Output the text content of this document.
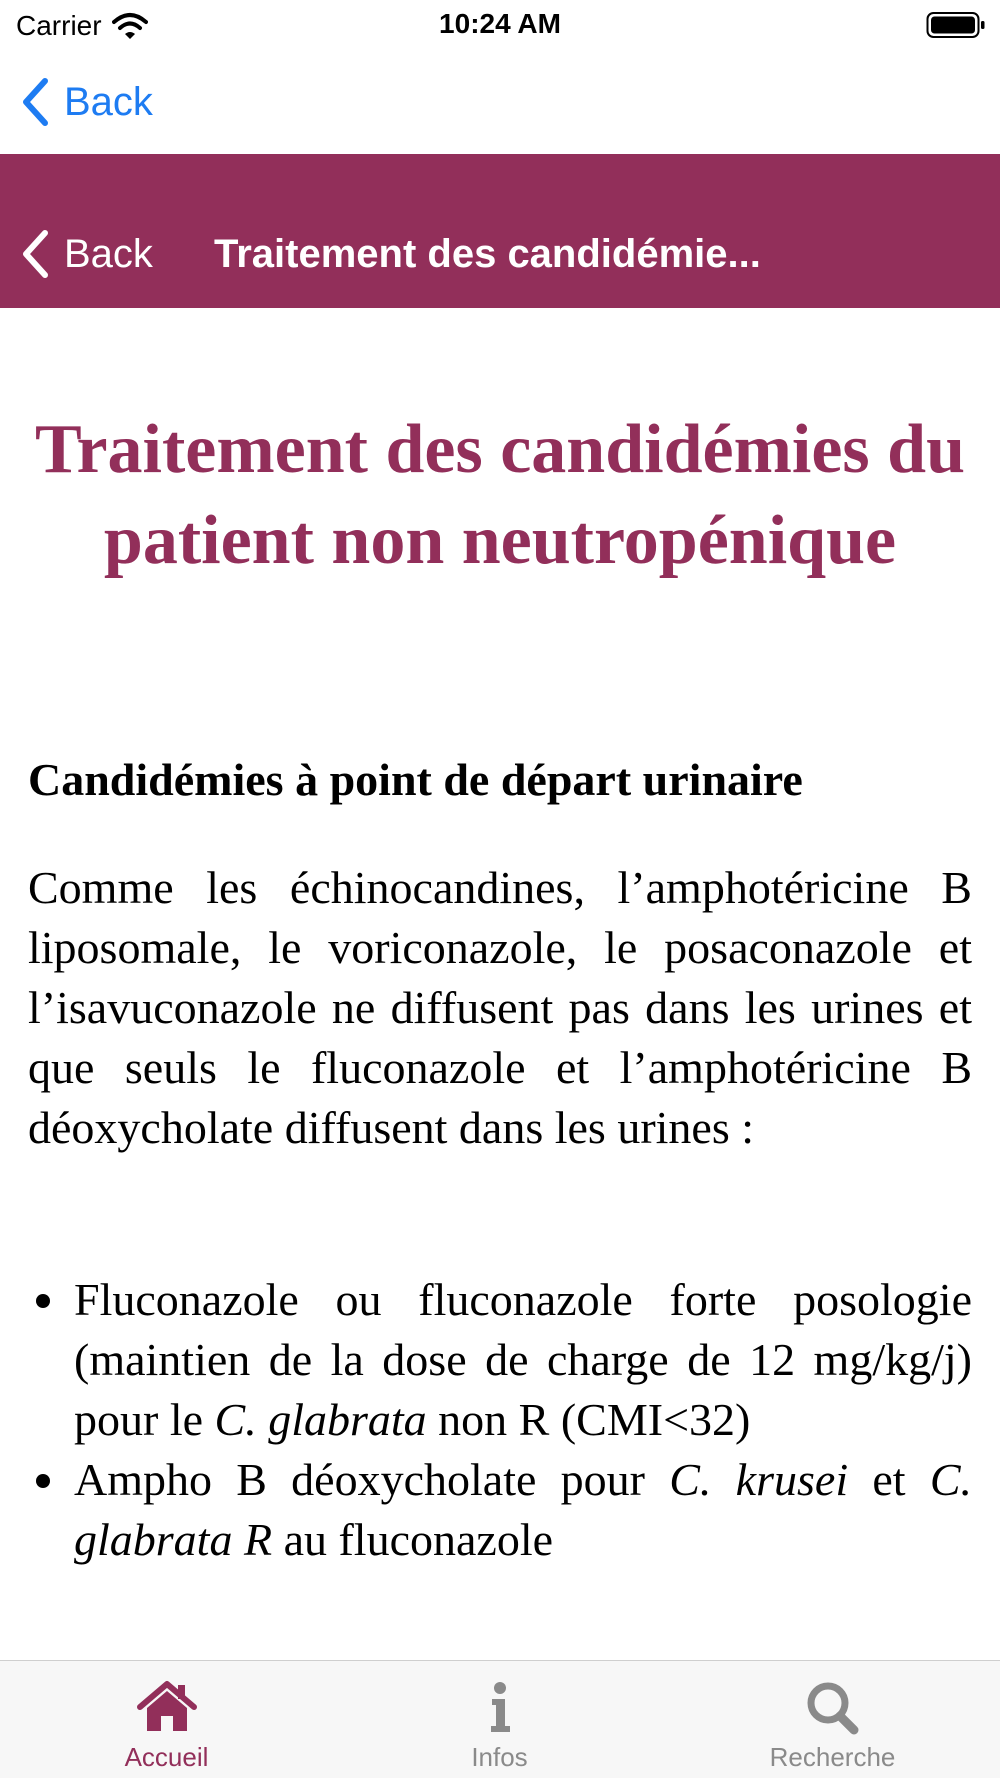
Carrier	10:24 AM
Back
Back Traitement des candidémie...
Traitement des candidémies du patient non neutropénique
Candidémies à point de départ urinaire

Comme les échinocandines, l’amphotéricine B liposomale, le voriconazole, le posaconazole et l’isavuconazole ne diffusent pas dans les urines et que seuls le fluconazole et l’amphotéricine B déoxycholate diffusent dans les urines :

Fluconazole ou fluconazole forte posologie (maintien de la dose de charge de 12 mg/kg/j) pour le C. glabrata non R (CMI<32)
Ampho B déoxycholate pour C. krusei et C. glabrata R au fluconazole
Accueil	Infos	Recherche
